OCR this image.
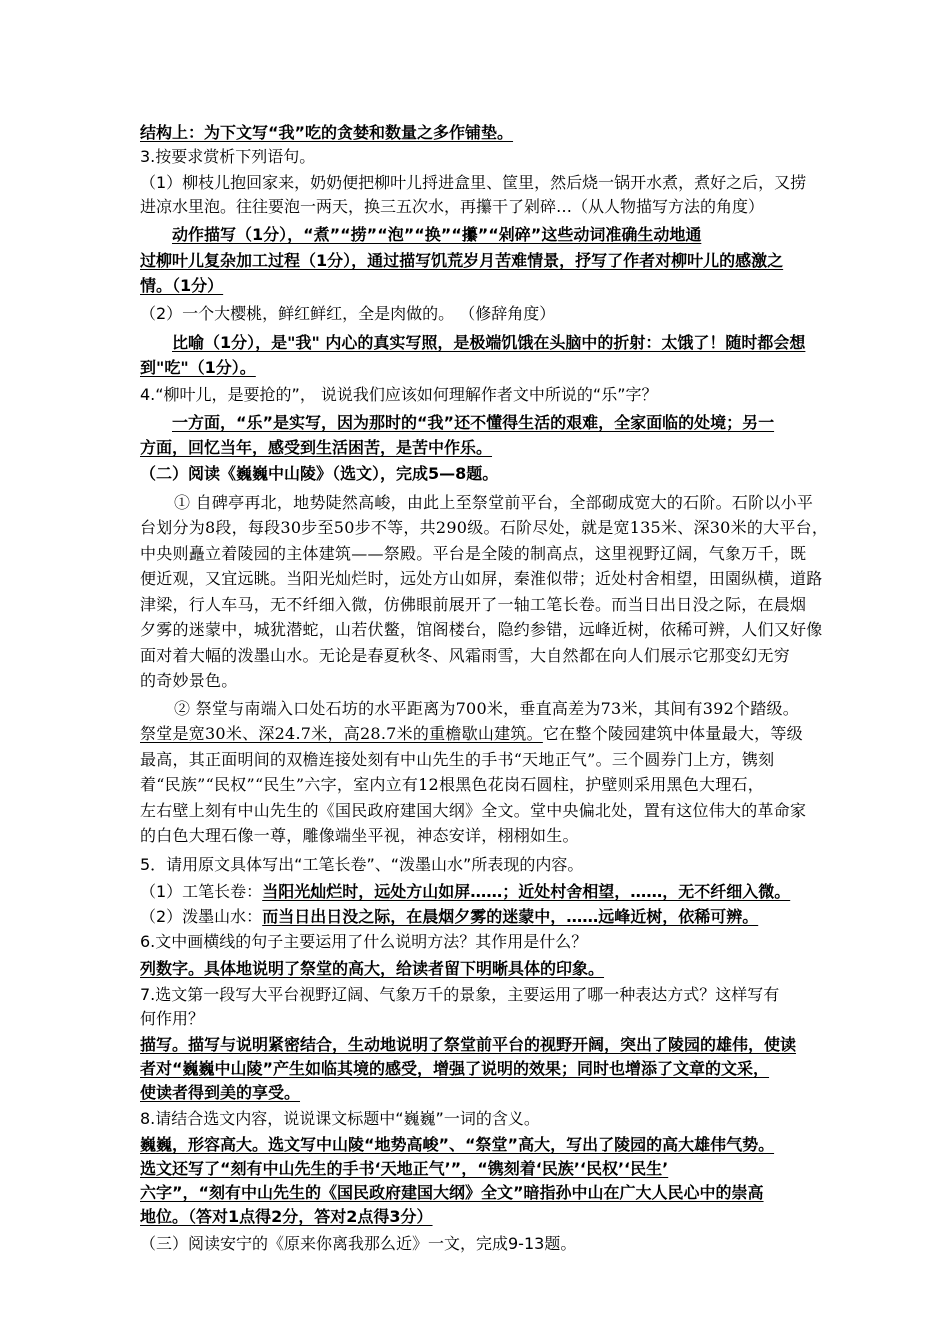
结构上：为下文写“我”吃的贪婪和数量之多作铺垫。

3.按要求赏析下列语句。

（1）柳枝儿抱回家来，奶奶便把柳叶儿捋进盒里、筐里，然后烧一锅开水煮，煮好之后，又捞

进凉水里泡。往往要泡一两天，换三五次水，再攥干了剁碎…（从人物描写方法的角度）

动作描写（1分），“煮”“捞”“泡”“换”“攥”“剁碎”这些动词准确生动地通

过柳叶儿复杂加工过程（1分），通过描写饥荒岁月苦难情景，抒写了作者对柳叶儿的感激之

情。（1分）

（2）一个大樱桃，鲜红鲜红，全是肉做的。 （修辞角度）

比喻（1分），是"我" 内心的真实写照，是极端饥饿在头脑中的折射：太饿了！随时都会想

到"吃"（1分）。

4.“柳叶儿，是要抢的”， 说说我们应该如何理解作者文中所说的“乐”字？

一方面，“乐”是实写，因为那时的“我”还不懂得生活的艰难，全家面临的处境；另一

方面，回忆当年，感受到生活困苦，是苦中作乐。

（二）阅读《巍巍中山陵》（选文），完成5—8题。

① 自碑亭再北，地势陡然高峻，由此上至祭堂前平台，全部砌成宽大的石阶。石阶以小平

台划分为8段，每段30步至50步不等，共290级。石阶尽处，就是宽135米、深30米的大平台，

中央则矗立着陵园的主体建筑——祭殿。平台是全陵的制高点，这里视野辽阔，气象万千，既

便近观，又宜远眺。当阳光灿烂时，远处方山如屏，秦淮似带；近处村舍相望，田園纵横，道路

津梁，行人车马，无不纤细入微，仿佛眼前展开了一轴工笔长卷。而当日出日没之际，在晨烟

夕雾的迷蒙中，城犹潜蛇，山若伏鳖，馆阁楼台，隐约参错，远峰近树，依稀可辨，人们又好像

面对着大幅的泼墨山水。无论是春夏秋冬、风霜雨雪，大自然都在向人们展示它那变幻无穷

的奇妙景色。

② 祭堂与南端入口处石坊的水平距离为700米，垂直高差为73米，其间有392个踏级。

祭堂是宽30米、深24.7米，高28.7米的重檐歇山建筑。它在整个陵园建筑中体量最大，等级

最高，其正面明间的双檐连接处刻有中山先生的手书“天地正气”。三个圆券门上方，镌刻

着“民族”“民权”“民生”六字，室内立有12根黑色花岗石圆柱，护壁则采用黑色大理石，

左右壁上刻有中山先生的《国民政府建国大纲》全文。堂中央偏北处，置有这位伟大的革命家

的白色大理石像一尊，雕像端坐平视，神态安详，栩栩如生。

5．请用原文具体写出“工笔长卷”、“泼墨山水”所表现的内容。

（1）工笔长卷：当阳光灿烂时，远处方山如屏……；近处村舍相望，……，无不纤细入微。

（2）泼墨山水：而当日出日没之际，在晨烟夕雾的迷蒙中，……远峰近树，依稀可辨。

6.文中画横线的句子主要运用了什么说明方法？其作用是什么？

列数字。具体地说明了祭堂的高大，给读者留下明晰具体的印象。

7.选文第一段写大平台视野辽阔、气象万千的景象，主要运用了哪一种表达方式？这样写有

何作用？

描写。描写与说明紧密结合，生动地说明了祭堂前平台的视野开阔，突出了陵园的雄伟，使读

者对“巍巍中山陵”产生如临其境的感受，增强了说明的效果；同时也增添了文章的文采，

使读者得到美的享受。

8.请结合选文内容，说说课文标题中“巍巍”一词的含义。

巍巍，形容高大。选文写中山陵“地势高峻”、“祭堂”高大，写出了陵园的高大雄伟气势。

选文还写了“刻有中山先生的手书‘天地正气’”，“镌刻着‘民族’‘民权’‘民生’

六字”，“刻有中山先生的《国民政府建国大纲》全文”暗指孙中山在广大人民心中的崇高

地位。（答对1点得2分，答对2点得3分）

（三）阅读安宁的《原来你离我那么近》一文，完成9-13题。
